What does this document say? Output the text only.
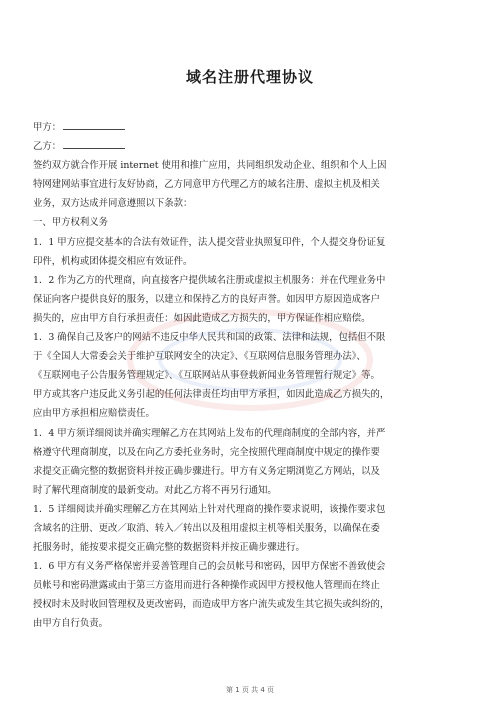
域名注册代理协议
甲方：
乙方：
签约双方就合作开展 internet 使用和推广应用，共同组织发动企业、组织和个人上因
特网建网站事宜进行友好协商，乙方同意甲方代理乙方的域名注册、虚拟主机及相关
业务，双方达成并同意遵照以下条款：
一、甲方权利义务
1．1 甲方应提交基本的合法有效证件，法人提交营业执照复印件，个人提交身份证复
印件，机构或团体提交相应有效证件。
1．2 作为乙方的代理商，向直接客户提供域名注册或虚拟主机服务：并在代理业务中
保证向客户提供良好的服务，以建立和保持乙方的良好声誉。如因甲方原因造成客户
损失的，应由甲方自行承担责任：如因此造成乙方损失的，甲方保证作相应赔偿。
1．3 确保自己及客户的网站不违反中华人民共和国的政策、法律和法规，包括但不限
于《全国人大常委会关于维护互联网安全的决定》、《互联网信息服务管理办法》、
《互联网电子公告服务管理规定》、《互联网站从事登载新闻业务管理暂行规定》等。
甲方或其客户违反此义务引起的任何法律责任均由甲方承担，如因此造成乙方损失的，
应由甲方承担相应赔偿责任。
1．4 甲方须详细阅读并确实理解乙方在其网站上发布的代理商制度的全部内容，并严
格遵守代理商制度，以及在向乙方委托业务时，完全按照代理商制度中规定的操作要
求提交正确完整的数据资料并按正确步骤进行。甲方有义务定期浏览乙方网站，以及
时了解代理商制度的最新变动。对此乙方将不再另行通知。
1．5 详细阅读并确实理解乙方在其网站上针对代理商的操作要求说明，该操作要求包
含域名的注册、更改／取消、转入／转出以及租用虚拟主机等相关服务，以确保在委
托服务时，能按要求提交正确完整的数据资料并按正确步骤进行。
1．6 甲方有义务严格保密并妥善管理自己的会员帐号和密码，因甲方保密不善致使会
员帐号和密码泄露或由于第三方盗用而进行各种操作或因甲方授权他人管理而在终止
授权时未及时收回管理权及更改密码，而造成甲方客户流失或发生其它损失或纠纷的，
由甲方自行负责。
第 1 页 共 4 页
